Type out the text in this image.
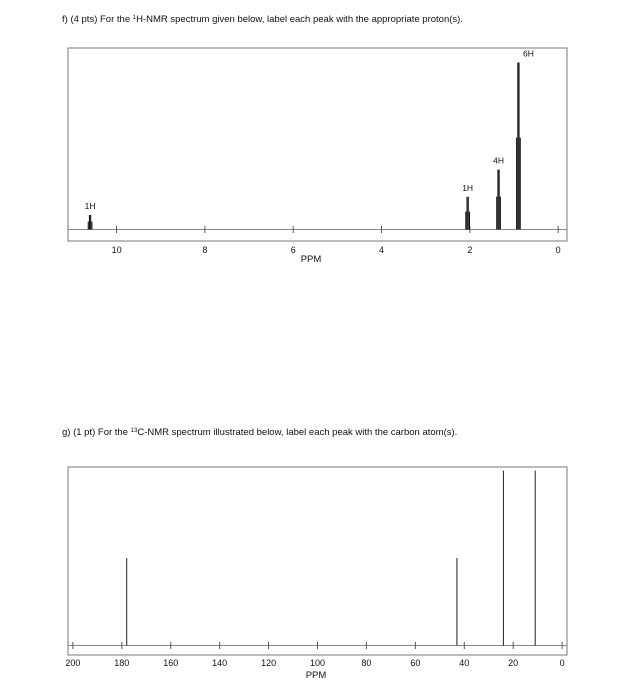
f) (4 pts) For the $^1$H-NMR spectrum given below, label each peak with the appropriate proton(s).
g) (1 pt) For the $^{13}$C-NMR spectrum illustrated below, label each peak with the carbon atom(s).
10	8	6	4	2	0
1H
1H
4H
6H
PPM
200	180	160	140	120	100	80	60	40	20	0
PPM
